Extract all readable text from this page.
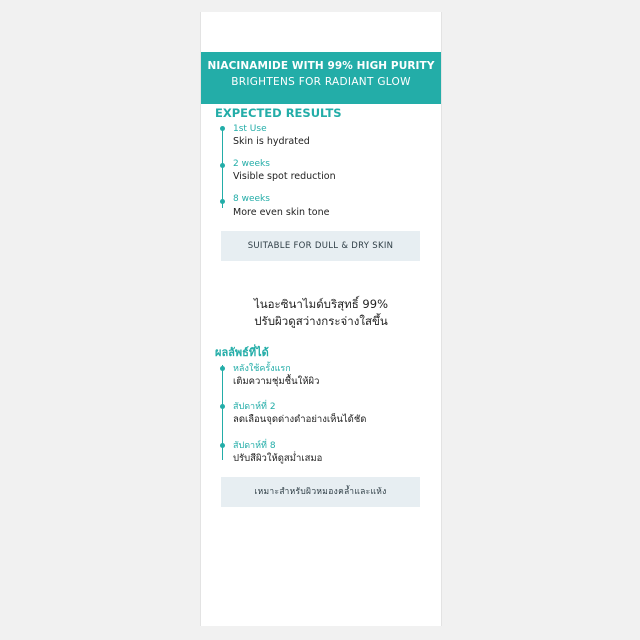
NIACINAMIDE WITH 99% HIGH PURITY
BRIGHTENS FOR RADIANT GLOW
EXPECTED RESULTS
1st Use
Skin is hydrated
2 weeks
Visible spot reduction
8 weeks
More even skin tone
SUITABLE FOR DULL & DRY SKIN
ไนอะซินาไมด์บริสุทธิ์ 99%
ปรับผิวดูสว่างกระจ่างใสขึ้น
ผลลัพธ์ที่ได้
หลังใช้ครั้งแรก
เติมความชุ่มชื้นให้ผิว
สัปดาห์ที่ 2
ลดเลือนจุดด่างดำอย่างเห็นได้ชัด
สัปดาห์ที่ 8
ปรับสีผิวให้ดูสม่ำเสมอ
เหมาะสำหรับผิวหมองคล้ำและแห้ง
